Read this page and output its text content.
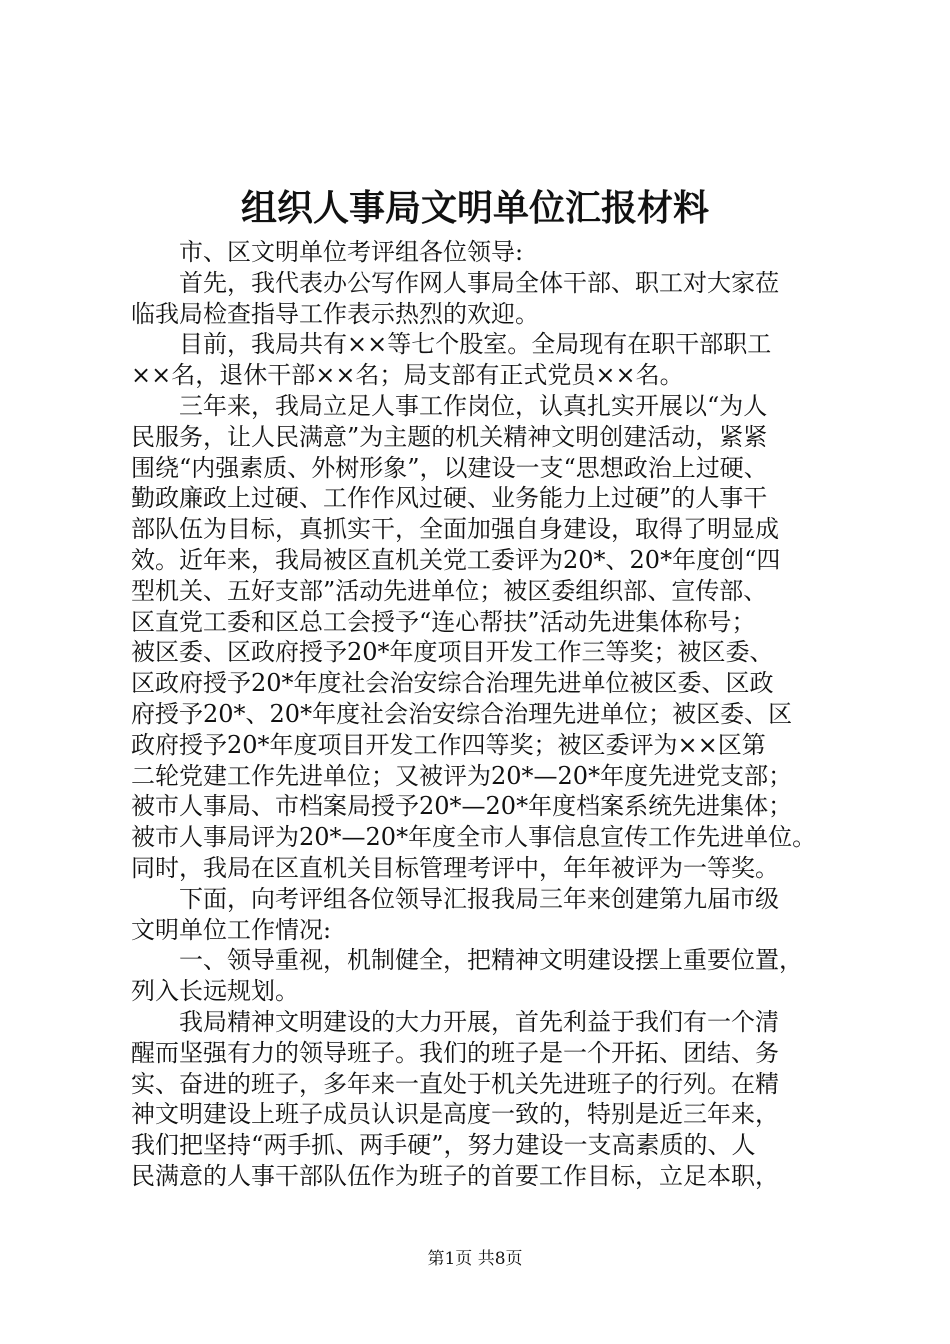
组织人事局文明单位汇报材料
市、区文明单位考评组各位领导:
首先，我代表办公写作网人事局全体干部、职工对大家莅
临我局检查指导工作表示热烈的欢迎。
目前，我局共有××等七个股室。全局现有在职干部职工
××名，退休干部××名；局支部有正式党员××名。
三年来，我局立足人事工作岗位，认真扎实开展以“为人
民服务，让人民满意”为主题的机关精神文明创建活动，紧紧
围绕“内强素质、外树形象”，以建设一支“思想政治上过硬、
勤政廉政上过硬、工作作风过硬、业务能力上过硬”的人事干
部队伍为目标，真抓实干，全面加强自身建设，取得了明显成
效。近年来，我局被区直机关党工委评为20*、20*年度创“四
型机关、五好支部”活动先进单位；被区委组织部、宣传部、
区直党工委和区总工会授予“连心帮扶”活动先进集体称号；
被区委、区政府授予20*年度项目开发工作三等奖；被区委、
区政府授予20*年度社会治安综合治理先进单位被区委、区政
府授予20*、20*年度社会治安综合治理先进单位；被区委、区
政府授予20*年度项目开发工作四等奖；被区委评为××区第
二轮党建工作先进单位；又被评为20*—20*年度先进党支部；
被市人事局、市档案局授予20*—20*年度档案系统先进集体；
被市人事局评为20*—20*年度全市人事信息宣传工作先进单位。
同时，我局在区直机关目标管理考评中，年年被评为一等奖。
下面，向考评组各位领导汇报我局三年来创建第九届市级
文明单位工作情况:
一、领导重视，机制健全，把精神文明建设摆上重要位置，
列入长远规划。
我局精神文明建设的大力开展，首先利益于我们有一个清
醒而坚强有力的领导班子。我们的班子是一个开拓、团结、务
实、奋进的班子，多年来一直处于机关先进班子的行列。在精
神文明建设上班子成员认识是高度一致的，特别是近三年来，
我们把坚持“两手抓、两手硬”，努力建设一支高素质的、人
民满意的人事干部队伍作为班子的首要工作目标，立足本职，
第1页 共8页
